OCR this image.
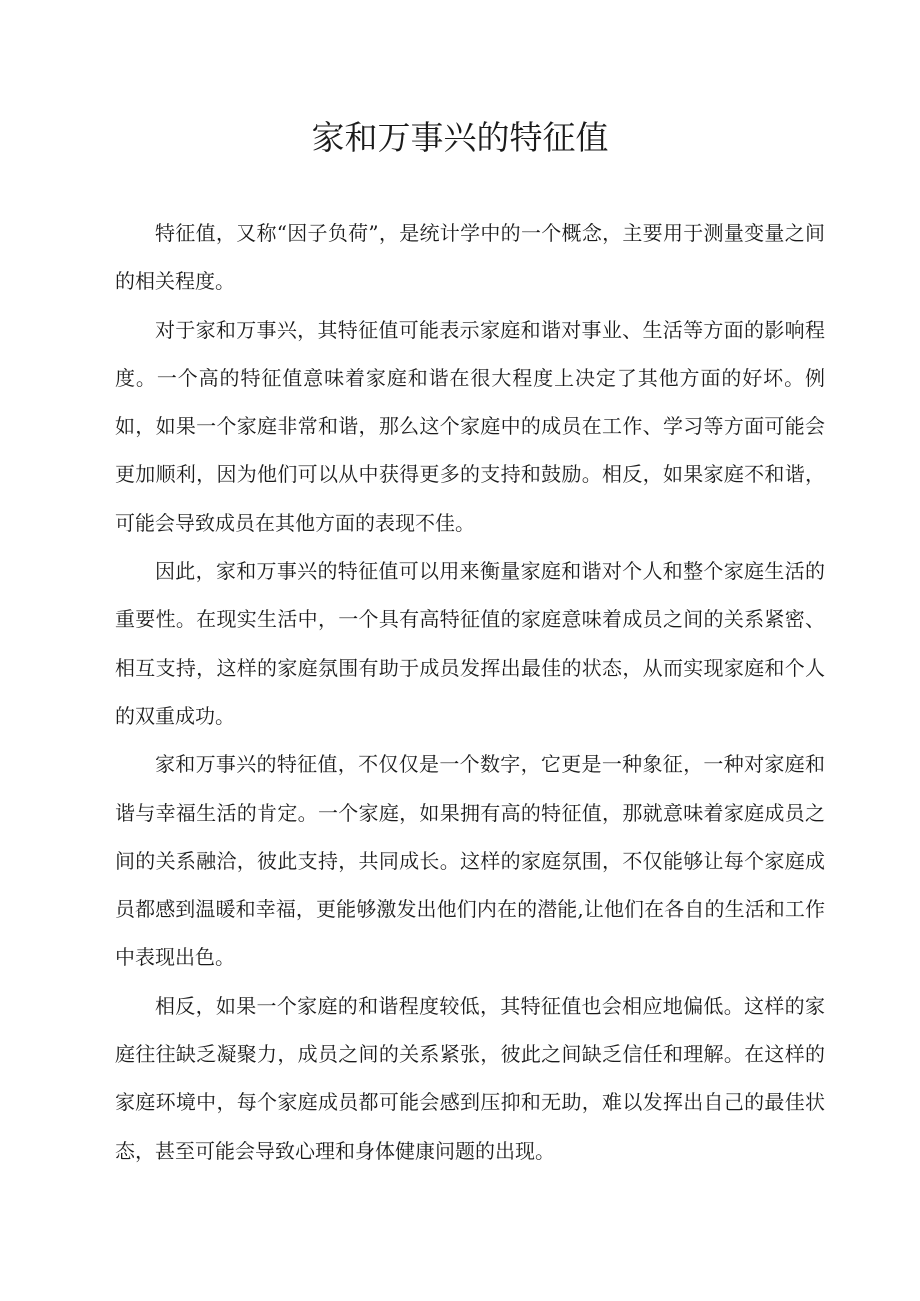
家和万事兴的特征值

特征值，又称“因子负荷”，是统计学中的一个概念，主要用于测量变量之间的相关程度。

对于家和万事兴，其特征值可能表示家庭和谐对事业、生活等方面的影响程度。一个高的特征值意味着家庭和谐在很大程度上决定了其他方面的好坏。例如，如果一个家庭非常和谐，那么这个家庭中的成员在工作、学习等方面可能会更加顺利，因为他们可以从中获得更多的支持和鼓励。相反，如果家庭不和谐，可能会导致成员在其他方面的表现不佳。

因此，家和万事兴的特征值可以用来衡量家庭和谐对个人和整个家庭生活的重要性。在现实生活中，一个具有高特征值的家庭意味着成员之间的关系紧密、相互支持，这样的家庭氛围有助于成员发挥出最佳的状态，从而实现家庭和个人的双重成功。

家和万事兴的特征值，不仅仅是一个数字，它更是一种象征，一种对家庭和谐与幸福生活的肯定。一个家庭，如果拥有高的特征值，那就意味着家庭成员之间的关系融洽，彼此支持，共同成长。这样的家庭氛围，不仅能够让每个家庭成员都感到温暖和幸福，更能够激发出他们内在的潜能,让他们在各自的生活和工作中表现出色。

相反，如果一个家庭的和谐程度较低，其特征值也会相应地偏低。这样的家庭往往缺乏凝聚力，成员之间的关系紧张，彼此之间缺乏信任和理解。在这样的家庭环境中，每个家庭成员都可能会感到压抑和无助，难以发挥出自己的最佳状态，甚至可能会导致心理和身体健康问题的出现。
